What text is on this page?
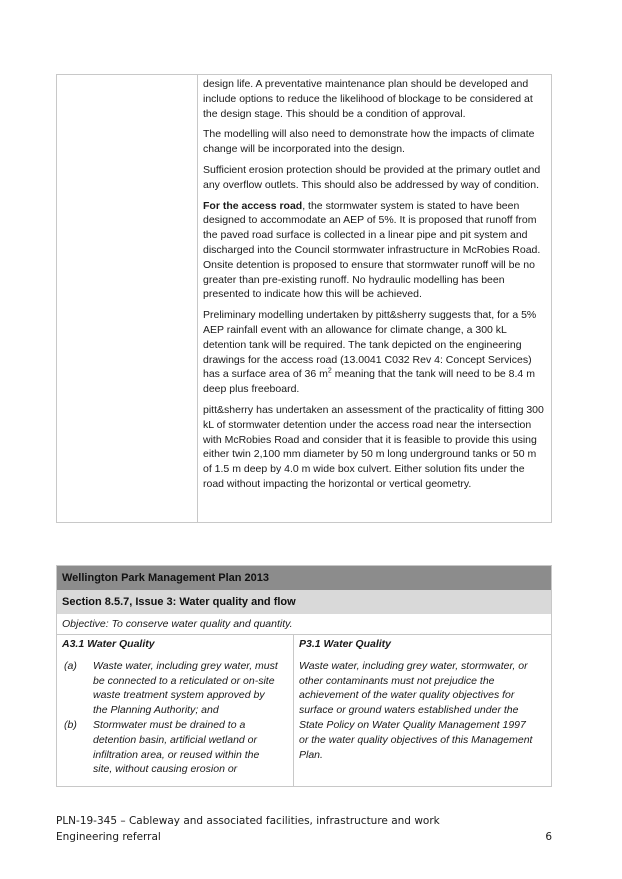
design life. A preventative maintenance plan should be developed and include options to reduce the likelihood of blockage to be considered at the design stage. This should be a condition of approval.

The modelling will also need to demonstrate how the impacts of climate change will be incorporated into the design.

Sufficient erosion protection should be provided at the primary outlet and any overflow outlets. This should also be addressed by way of condition.

For the access road, the stormwater system is stated to have been designed to accommodate an AEP of 5%. It is proposed that runoff from the paved road surface is collected in a linear pipe and pit system and discharged into the Council stormwater infrastructure in McRobies Road. Onsite detention is proposed to ensure that stormwater runoff will be no greater than pre-existing runoff. No hydraulic modelling has been presented to indicate how this will be achieved.

Preliminary modelling undertaken by pitt&sherry suggests that, for a 5% AEP rainfall event with an allowance for climate change, a 300 kL detention tank will be required. The tank depicted on the engineering drawings for the access road (13.0041 C032 Rev 4: Concept Services) has a surface area of 36 $m^2$ meaning that the tank will need to be 8.4 m deep plus freeboard.

pitt&sherry has undertaken an assessment of the practicality of fitting 300 kL of stormwater detention under the access road near the intersection with McRobies Road and consider that it is feasible to provide this using either twin 2,100 mm diameter by 50 m long underground tanks or 50 m of 1.5 m deep by 4.0 m wide box culvert. Either solution fits under the road without impacting the horizontal or vertical geometry.

Wellington Park Management Plan 2013
Section 8.5.7, Issue 3: Water quality and flow
Objective: To conserve water quality and quantity.
A3.1 Water Quality
(a) Waste water, including grey water, must be connected to a reticulated or on-site waste treatment system approved by the Planning Authority; and
(b) Stormwater must be drained to a detention basin, artificial wetland or infiltration area, or reused within the site, without causing erosion or
P3.1 Water Quality
Waste water, including grey water, stormwater, or other contaminants must not prejudice the achievement of the water quality objectives for surface or ground waters established under the State Policy on Water Quality Management 1997 or the water quality objectives of this Management Plan.
PLN-19-345 – Cableway and associated facilities, infrastructure and work
Engineering referral	6
